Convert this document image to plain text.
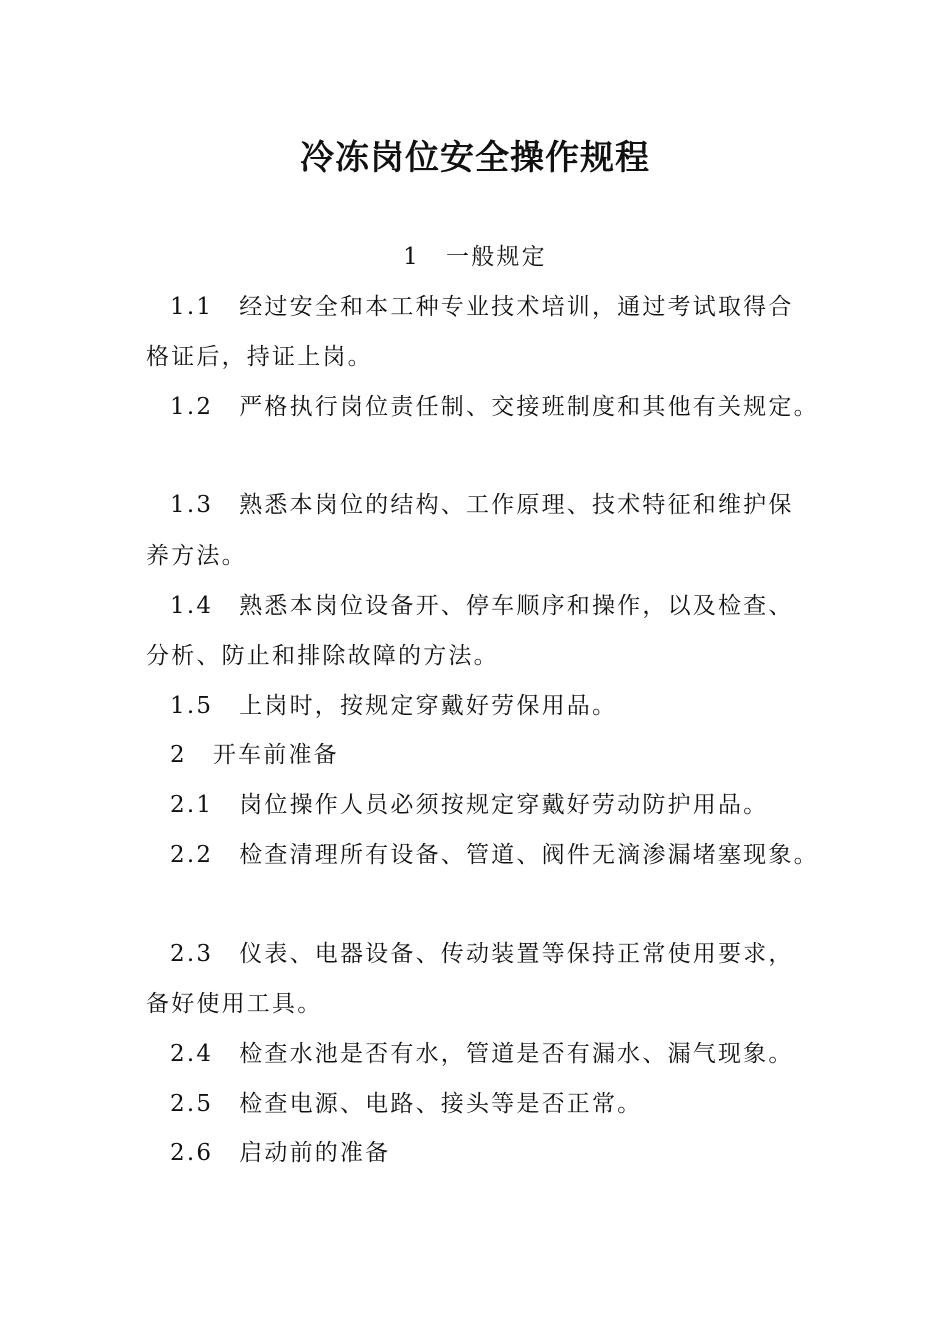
冷冻岗位安全操作规程
1 一般规定
1.1 经过安全和本工种专业技术培训，通过考试取得合
格证后，持证上岗。
1.2 严格执行岗位责任制、交接班制度和其他有关规定。
1.3 熟悉本岗位的结构、工作原理、技术特征和维护保
养方法。
1.4 熟悉本岗位设备开、停车顺序和操作，以及检查、
分析、防止和排除故障的方法。
1.5 上岗时，按规定穿戴好劳保用品。
2 开车前准备
2.1 岗位操作人员必须按规定穿戴好劳动防护用品。
2.2 检查清理所有设备、管道、阀件无滴渗漏堵塞现象。
2.3 仪表、电器设备、传动装置等保持正常使用要求，
备好使用工具。
2.4 检查水池是否有水，管道是否有漏水、漏气现象。
2.5 检查电源、电路、接头等是否正常。
2.6 启动前的准备
